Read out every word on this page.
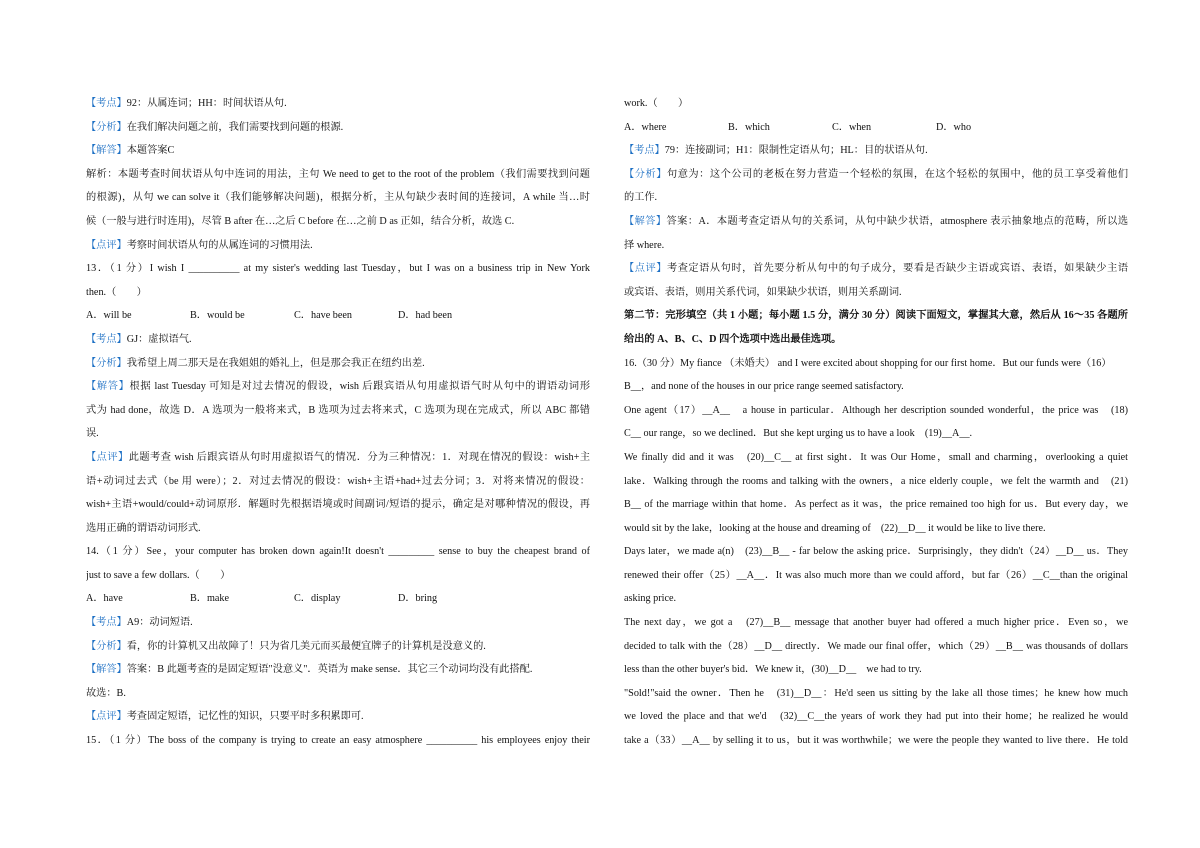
【考点】92：从属连词；HH：时间状语从句.
【分析】在我们解决问题之前，我们需要找到问题的根源.
【解答】本题答案C
解析：本题考查时间状语从句中连词的用法，主句 We need to get to the root of the problem（我们需要找到问题
的根源)，从句 we can solve it（我们能够解决问题)，根据分析，主从句缺少表时间的连接词，A while 当…时
候（一般与进行时连用)，尽管 B after 在…之后 C before 在…之前 D as 正如，结合分析，故选 C.
【点评】考察时间状语从句的从属连词的习惯用法.
13．（1 分）I wish I __________ at my sister's wedding last Tuesday，but I was on a business trip in New York
then.（　　）
A．will be	B．would be	C．have been	D．had been
【考点】GJ：虚拟语气.
【分析】我希望上周二那天是在我姐姐的婚礼上，但是那会我正在纽约出差.
【解答】根据 last Tuesday 可知是对过去情况的假设，wish 后跟宾语从句用虚拟语气时从句中的谓语动词形
式为 had done，故选 D．A 选项为一般将来式，B 选项为过去将来式，C 选项为现在完成式，所以 ABC 都错
误.
【点评】此题考查 wish 后跟宾语从句时用虚拟语气的情况．分为三种情况：1．对现在情况的假设：wish+主
语+动词过去式（be 用 were）；2．对过去情况的假设：wish+主语+had+过去分词；3．对将来情况的假设：
wish+主语+would/could+动词原形．解题时先根据语境或时间副词/短语的提示，确定是对哪种情况的假设，再
选用正确的谓语动词形式.
14.（1 分）See，your computer has broken down again!It doesn't _________ sense to buy the cheapest brand of
just to save a few dollars.（　　）
A．have	B．make	C．display	D．bring
【考点】A9：动词短语.
【分析】看，你的计算机又出故障了！只为省几美元而买最便宜牌子的计算机是没意义的.
【解答】答案：B 此题考查的是固定短语"没意义"．英语为 make sense．其它三个动词均没有此搭配.
故选：B.
【点评】考查固定短语，记忆性的知识，只要平时多积累即可.
15．（1 分）The boss of the company is trying to create an easy atmosphere __________ his employees enjoy their
work.（　　）
A．where	B．which	C．when	D．who
【考点】79：连接副词；H1：限制性定语从句；HL：目的状语从句.
【分析】句意为：这个公司的老板在努力营造一个轻松的氛围，在这个轻松的氛围中，他的员工享受着他们
的工作.
【解答】答案：A．本题考查定语从句的关系词，从句中缺少状语，atmosphere 表示抽象地点的范畴，所以选
择 where.
【点评】考查定语从句时，首先要分析从句中的句子成分，要看是否缺少主语或宾语、表语，如果缺少主语
或宾语、表语，则用关系代词，如果缺少状语，则用关系副词.
第二节：完形填空（共 1 小题；每小题 1.5 分，满分 30 分）阅读下面短文，掌握其大意，然后从 16～35 各题所
给出的 A、B、C、D 四个选项中选出最佳选项。
16.（30 分）My fiance （未婚夫） and I were excited about shopping for our first home．But our funds were（16）
B__，and none of the houses in our price range seemed satisfactory.
One agent（17）__A__　a house in particular．Although her description sounded wonderful，the price was　(18)
C__ our range，so we declined．But she kept urging us to have a look　(19)__A__.
We finally did and it was　(20)__C__ at first sight．It was Our Home，small and charming，overlooking a quiet
lake．Walking through the rooms and talking with the owners，a nice elderly couple，we felt the warmth and　(21)
B__ of the marriage within that home．As perfect as it was，the price remained too high for us．But every day，we
would sit by the lake，looking at the house and dreaming of　(22)__D__ it would be like to live there.
Days later，we made a(n)　(23)__B__ - far below the asking price．Surprisingly，they didn't（24）__D__ us．They
renewed their offer（25）__A__．It was also much more than we could afford，but far（26）__C__than the original
asking price.
The next day，we got a　(27)__B__ message that another buyer had offered a much higher price．Even so，we
decided to talk with the（28）__D__ directly．We made our final offer，which（29）__B__ was thousands of dollars
less than the other buyer's bid．We knew it，(30)__D__　we had to try.
"Sold!"said the owner．Then he　(31)__D__：He'd seen us sitting by the lake all those times；he knew how much
we loved the place and that we'd　(32)__C__the years of work they had put into their home；he realized he would
take a（33）__A__ by selling it to us，but it was worthwhile；we were the people they wanted to live there．He told
